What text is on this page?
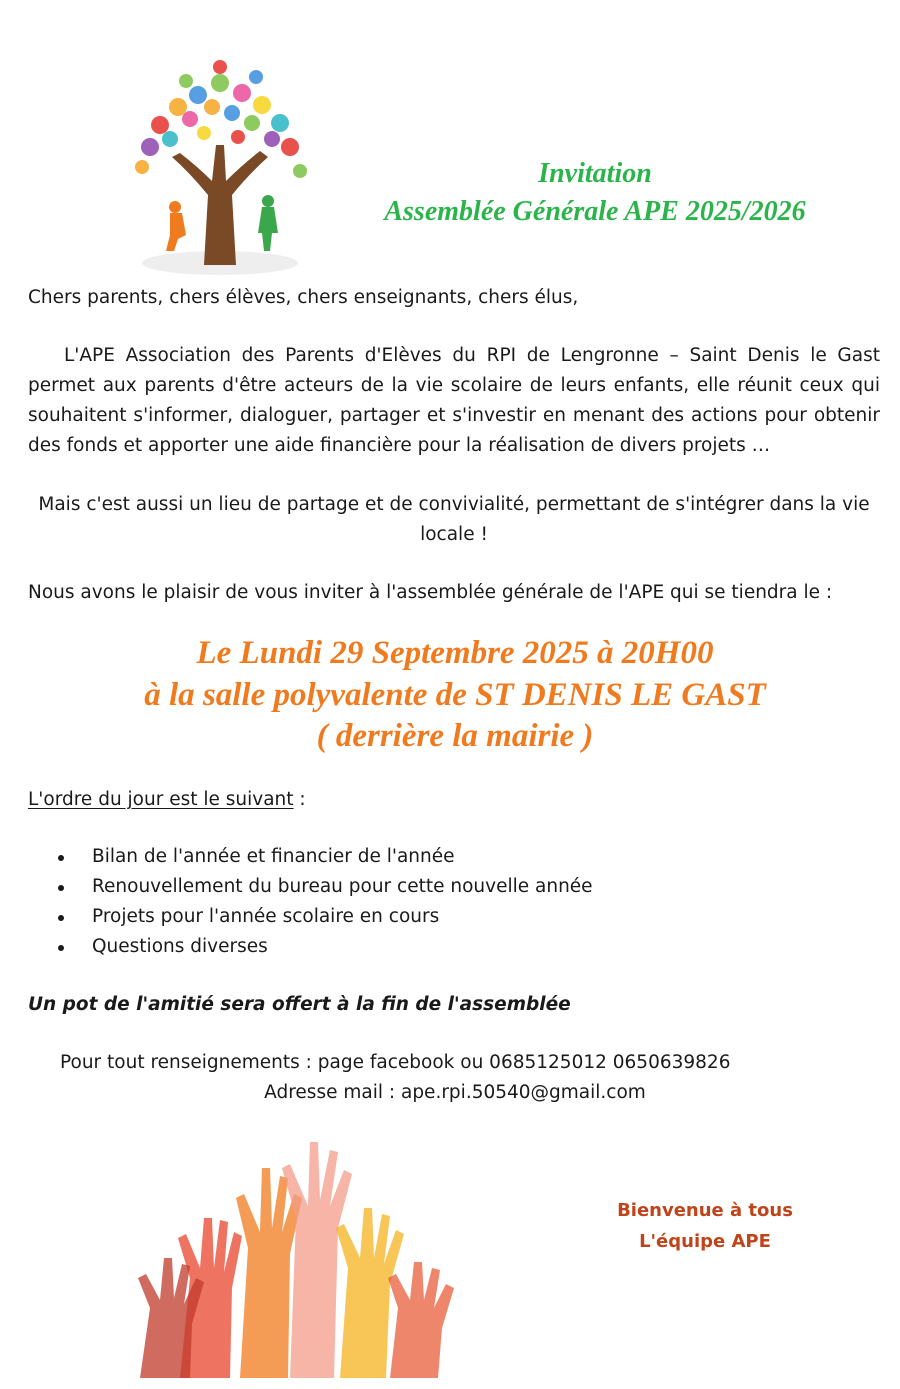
Invitation
Assemblée Générale APE 2025/2026
Chers parents, chers élèves, chers enseignants, chers élus,
L'APE Association des Parents d'Elèves du RPI de Lengronne – Saint Denis le Gast permet aux parents d'être acteurs de la vie scolaire de leurs enfants, elle réunit ceux qui souhaitent s'informer, dialoguer, partager et s'investir en menant des actions pour obtenir des fonds et apporter une aide financière pour la réalisation de divers projets …
Mais c'est aussi un lieu de partage et de convivialité, permettant de s'intégrer dans la vie locale !
Nous avons le plaisir de vous inviter à l'assemblée générale de l'APE qui se tiendra le :
Le Lundi 29 Septembre 2025 à 20H00
à la salle polyvalente de ST DENIS LE GAST
( derrière la mairie )
L'ordre du jour est le suivant :
Bilan de l'année et financier de l'année
Renouvellement du bureau pour cette nouvelle année
Projets pour l'année scolaire en cours
Questions diverses
Un pot de l'amitié sera offert à la fin de l'assemblée
Pour tout renseignements : page facebook ou 0685125012 0650639826
Adresse mail : ape.rpi.50540@gmail.com
Bienvenue à tous
L'équipe APE
